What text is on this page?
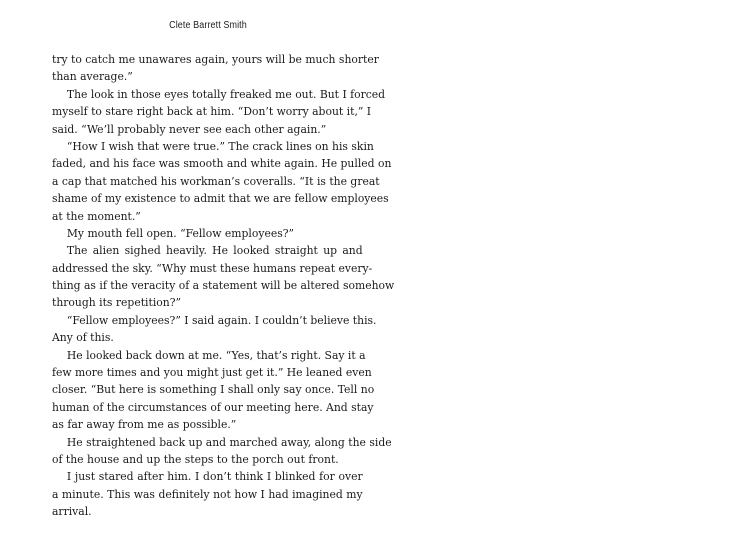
Clete Barrett Smith
try to catch me unawares again, yours will be much shorter
than average.”
The look in those eyes totally freaked me out. But I forced
myself to stare right back at him. “Don’t worry about it,” I
said. “We’ll probably never see each other again.”
“How I wish that were true.” The crack lines on his skin
faded, and his face was smooth and white again. He pulled on
a cap that matched his workman’s coveralls. “It is the great
shame of my existence to admit that we are fellow employees
at the moment.”
My mouth fell open. “Fellow employees?”
The alien sighed heavily. He looked straight up and
addressed the sky. “Why must these humans repeat every-
thing as if the veracity of a statement will be altered somehow
through its repetition?”
“Fellow employees?” I said again. I couldn’t believe this.
Any of this.
He looked back down at me. “Yes, that’s right. Say it a
few more times and you might just get it.” He leaned even
closer. “But here is something I shall only say once. Tell no
human of the circumstances of our meeting here. And stay
as far away from me as possible.”
He straightened back up and marched away, along the side
of the house and up the steps to the porch out front.
I just stared after him. I don’t think I blinked for over
a minute. This was definitely not how I had imagined my
arrival.
